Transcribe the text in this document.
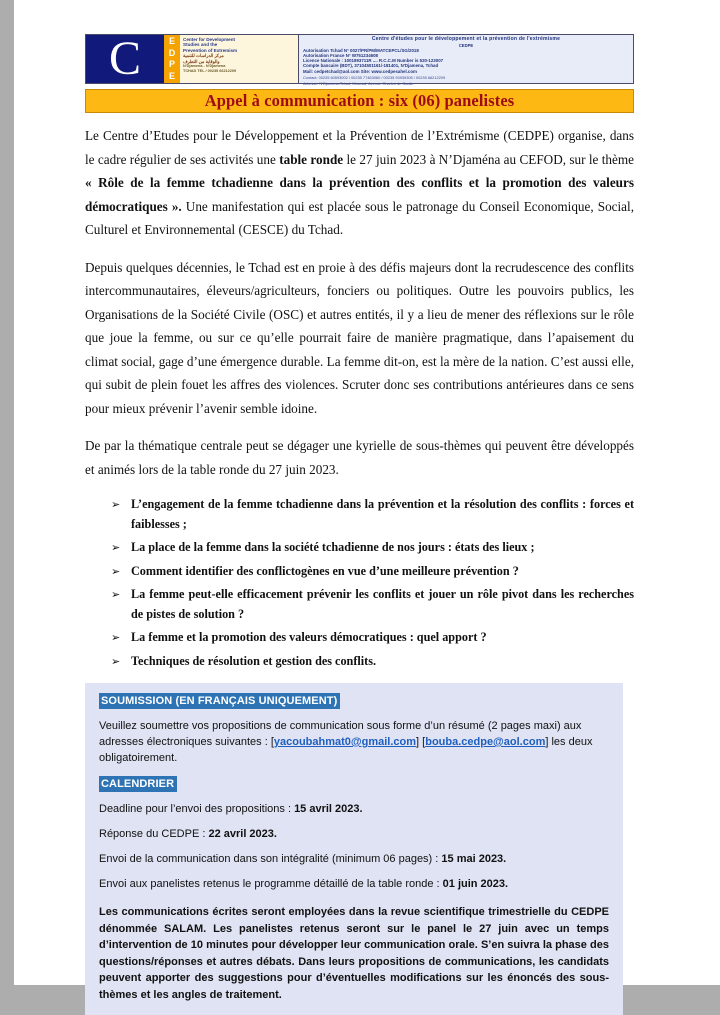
C	E
D
P
E
Center for Development
Studies and the
Prevention of Extremism
مركز الدراسات للتنمية
والوقاية من التطرف
N'Djamena - N'Djamena
TCHAD TEL / 00235 66212209
Centre d'études pour le développement et la prévention de l'extrémisme
CEDPE
Autorisation Tchad N° 0027/PR/PM/MATCEPCL/SG/2018
Autorisation France N° W751234608
Licence Nationale : 1001893711R .... R.C.C.M Number is 520-123007
Compte bancaire (BDT), 37104501161/-181401, N'Djamena, Tchad
Mail: cedpetchad@aol.com Site: www.cedpesahel.com
Contact: 00235 60593002 / 00235 77463060 / 00235 93939305 / 00235 66212209
Adresse: N'Djamena-Tchad, Moursal, Avenue Charles de Gaulle
Appel à communication : six (06) panelistes

Le Centre d’Etudes pour le Développement et la Prévention de l’Extrémisme (CEDPE) organise, dans le cadre régulier de ses activités une table ronde le 27 juin 2023 à N’Djaména au CEFOD, sur le thème « Rôle de la femme tchadienne dans la prévention des conflits et la promotion des valeurs démocratiques ». Une manifestation qui est placée sous le patronage du Conseil Economique, Social, Culturel et Environnemental (CESCE) du Tchad.

Depuis quelques décennies, le Tchad est en proie à des défis majeurs dont la recrudescence des conflits intercommunautaires, éleveurs/agriculteurs, fonciers ou politiques. Outre les pouvoirs publics, les Organisations de la Société Civile (OSC) et autres entités, il y a lieu de mener des réflexions sur le rôle que joue la femme, ou sur ce qu’elle pourrait faire de manière pragmatique, dans l’apaisement du climat social, gage d’une émergence durable. La femme dit-on, est la mère de la nation. C’est aussi elle, qui subit de plein fouet les affres des violences. Scruter donc ses contributions antérieures dans ce sens pour mieux prévenir l’avenir semble idoine.

De par la thématique centrale peut se dégager une kyrielle de sous-thèmes qui peuvent être développés et animés lors de la table ronde du 27 juin 2023.

➢ L’engagement de la femme tchadienne dans la prévention et la résolution des conflits : forces et faiblesses ;
➢ La place de la femme dans la société tchadienne de nos jours : états des lieux ;
➢ Comment identifier des conflictogènes en vue d’une meilleure prévention ?
➢ La femme peut-elle efficacement prévenir les conflits et jouer un rôle pivot dans les recherches de pistes de solution ?
➢ La femme et la promotion des valeurs démocratiques : quel apport ?
➢ Techniques de résolution et gestion des conflits.
SOUMISSION (EN FRANÇAIS UNIQUEMENT)

Veuillez soumettre vos propositions de communication sous forme d’un résumé (2 pages maxi) aux adresses électroniques suivantes : [yacoubahmat0@gmail.com] [bouba.cedpe@aol.com] les deux obligatoirement.

CALENDRIER

Deadline pour l’envoi des propositions : 15 avril 2023.

Réponse du CEDPE : 22 avril 2023.

Envoi de la communication dans son intégralité (minimum 06 pages) : 15 mai 2023.

Envoi aux panelistes retenus le programme détaillé de la table ronde : 01 juin 2023.

Les communications écrites seront employées dans la revue scientifique trimestrielle du CEDPE dénommée SALAM. Les panelistes retenus seront sur le panel le 27 juin avec un temps d’intervention de 10 minutes pour développer leur communication orale. S’en suivra la phase des questions/réponses et autres débats. Dans leurs propositions de communications, les candidats peuvent apporter des suggestions pour d’éventuelles modifications sur les énoncés des sous-thèmes et les angles de traitement.
